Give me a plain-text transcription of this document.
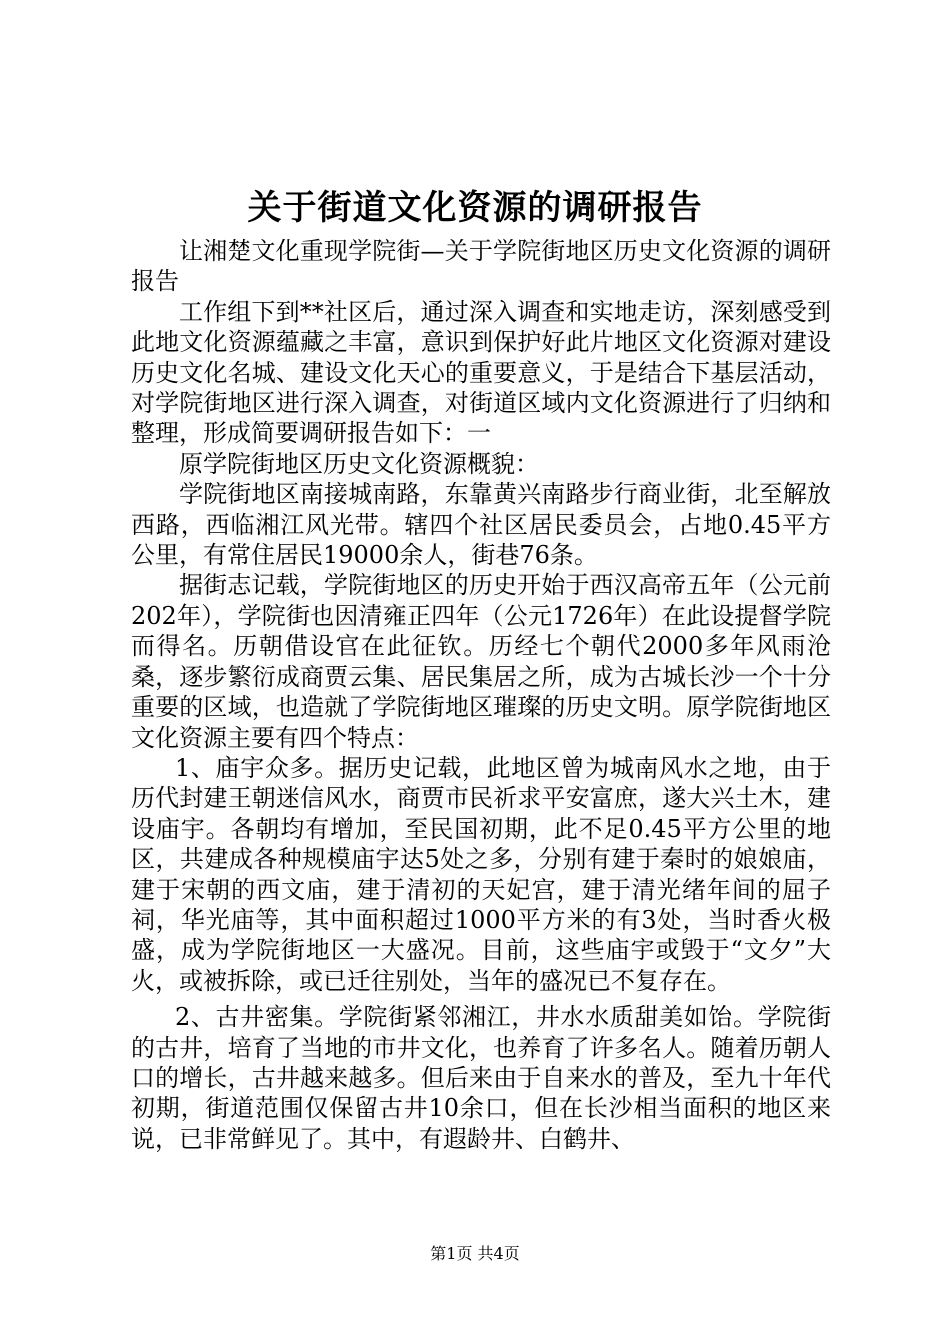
关于街道文化资源的调研报告

让湘楚文化重现学院街—关于学院街地区历史文化资源的调研报告

工作组下到**社区后，通过深入调查和实地走访，深刻感受到此地文化资源蕴藏之丰富，意识到保护好此片地区文化资源对建设历史文化名城、建设文化天心的重要意义，于是结合下基层活动，对学院街地区进行深入调查，对街道区域内文化资源进行了归纳和整理，形成简要调研报告如下：一

原学院街地区历史文化资源概貌：

学院街地区南接城南路，东靠黄兴南路步行商业街，北至解放西路，西临湘江风光带。辖四个社区居民委员会，占地0.45平方公里，有常住居民19000余人，街巷76条。

据街志记载，学院街地区的历史开始于西汉高帝五年（公元前202年），学院街也因清雍正四年（公元1726年）在此设提督学院而得名。历朝借设官在此征钦。历经七个朝代2000多年风雨沧桑，逐步繁衍成商贾云集、居民集居之所，成为古城长沙一个十分重要的区域，也造就了学院街地区璀璨的历史文明。原学院街地区文化资源主要有四个特点：

1、庙宇众多。据历史记载，此地区曾为城南风水之地，由于历代封建王朝迷信风水，商贾市民祈求平安富庶，遂大兴土木，建设庙宇。各朝均有增加，至民国初期，此不足0.45平方公里的地区，共建成各种规模庙宇达5处之多，分别有建于秦时的娘娘庙，建于宋朝的西文庙，建于清初的天妃宫，建于清光绪年间的屈子祠，华光庙等，其中面积超过1000平方米的有3处，当时香火极盛，成为学院街地区一大盛况。目前，这些庙宇或毁于“文夕”大火，或被拆除，或已迁往别处，当年的盛况已不复存在。

2、古井密集。学院街紧邻湘江，井水水质甜美如饴。学院街的古井，培育了当地的市井文化，也养育了许多名人。随着历朝人口的增长，古井越来越多。但后来由于自来水的普及，至九十年代初期，街道范围仅保留古井10余口，但在长沙相当面积的地区来说，已非常鲜见了。其中，有遐龄井、白鹤井、

第1页 共4页
